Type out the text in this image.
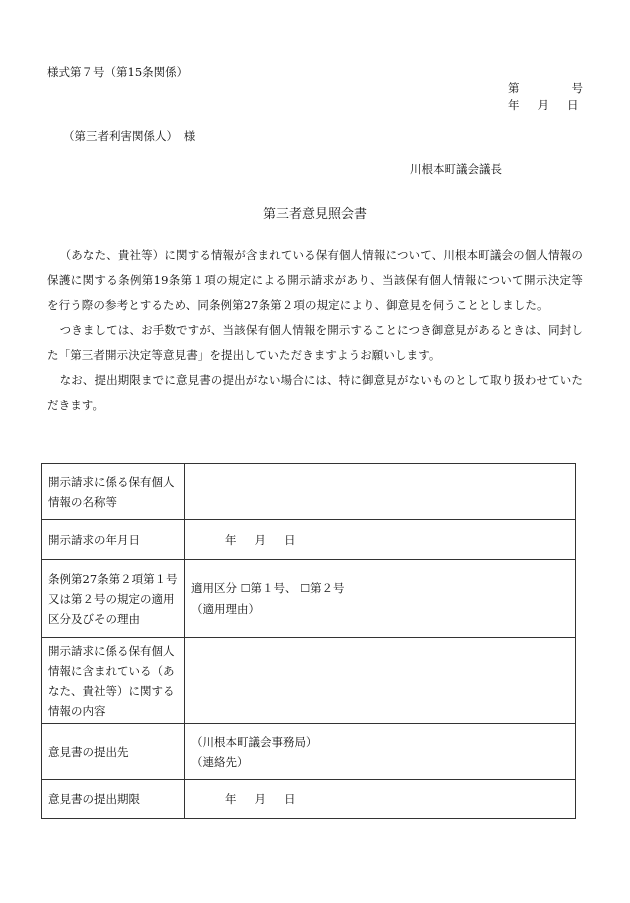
様式第７号（第15条関係）
第	号
年 月 日
（第三者利害関係人）　様
川根本町議会議長
第三者意見照会書

（あなた、貴社等）に関する情報が含まれている保有個人情報について、川根本町議会の個人情報の保護に関する条例第19条第１項の規定による開示請求があり、当該保有個人情報について開示決定等を行う際の参考とするため、同条例第27条第２項の規定により、御意見を伺うこととしました。

つきましては、お手数ですが、当該保有個人情報を開示することにつき御意見があるときは、同封した「第三者開示決定等意見書」を提出していただきますようお願いします。

なお、提出期限までに意見書の提出がない場合には、特に御意見がないものとして取り扱わせていただきます。

開示請求に係る保有個人情報の名称等	
開示請求の年月日	年 月 日
条例第27条第２項第１号又は第２号の規定の適用区分及びその理由	適用区分 ☐第１号、 ☐第２号
（適用理由）

開示請求に係る保有個人情報に含まれている（あなた、貴社等）に関する情報の内容	
意見書の提出先	（川根本町議会事務局）
（連絡先）

意見書の提出期限	年 月 日
